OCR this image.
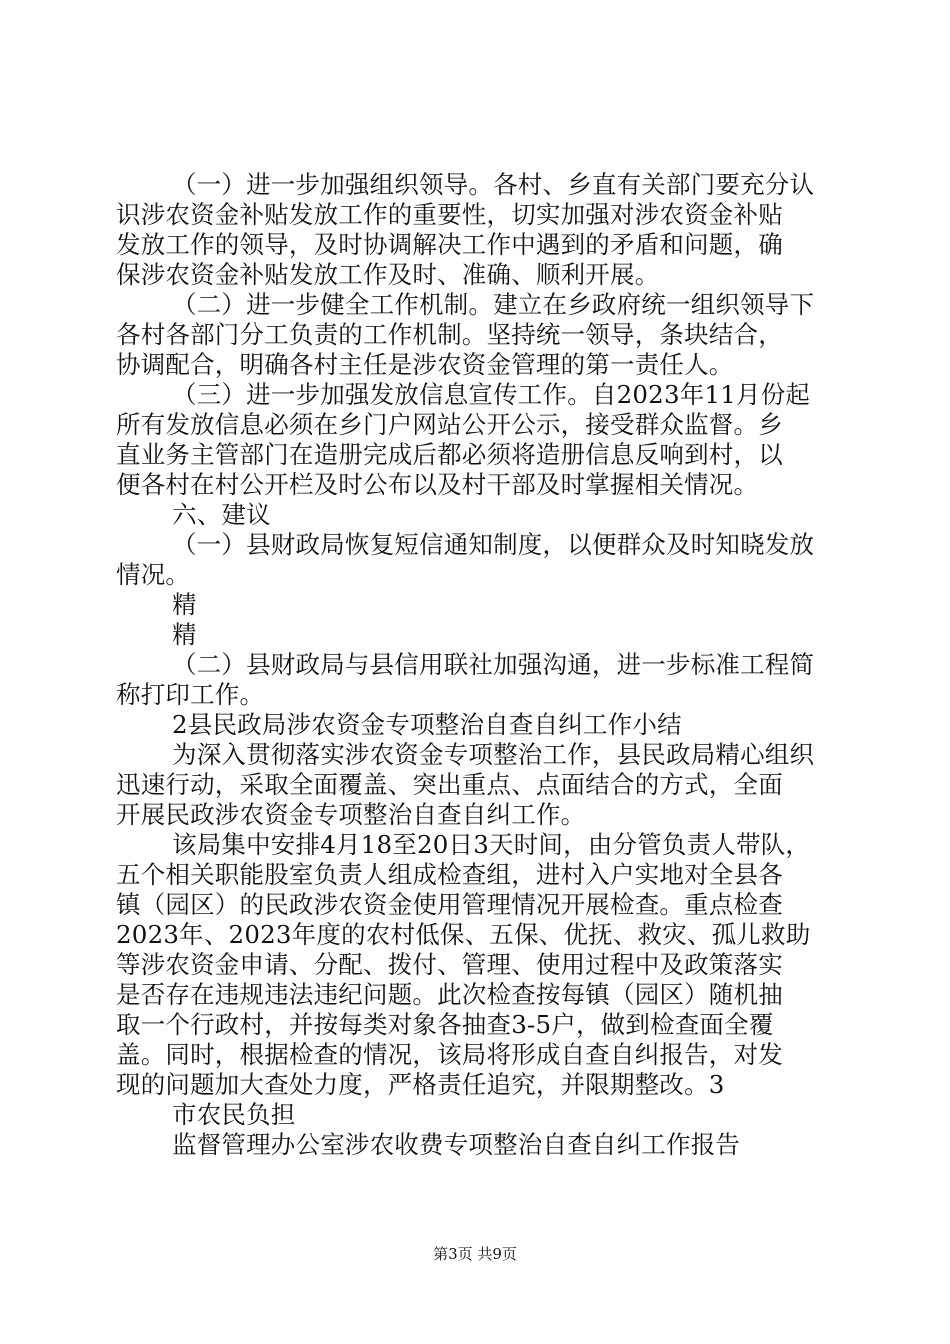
（一）进一步加强组织领导。各村、乡直有关部门要充分认
识涉农资金补贴发放工作的重要性，切实加强对涉农资金补贴
发放工作的领导，及时协调解决工作中遇到的矛盾和问题，确
保涉农资金补贴发放工作及时、准确、顺利开展。
（二）进一步健全工作机制。建立在乡政府统一组织领导下
各村各部门分工负责的工作机制。坚持统一领导，条块结合，
协调配合，明确各村主任是涉农资金管理的第一责任人。
（三）进一步加强发放信息宣传工作。自2023年11月份起
所有发放信息必须在乡门户网站公开公示，接受群众监督。乡
直业务主管部门在造册完成后都必须将造册信息反响到村，以
便各村在村公开栏及时公布以及村干部及时掌握相关情况。
六、建议
（一）县财政局恢复短信通知制度，以便群众及时知晓发放
情况。
精
精
（二）县财政局与县信用联社加强沟通，进一步标准工程简
称打印工作。
2县民政局涉农资金专项整治自查自纠工作小结
为深入贯彻落实涉农资金专项整治工作，县民政局精心组织
迅速行动，采取全面覆盖、突出重点、点面结合的方式，全面
开展民政涉农资金专项整治自查自纠工作。
该局集中安排4月18至20日3天时间，由分管负责人带队，
五个相关职能股室负责人组成检查组，进村入户实地对全县各
镇（园区）的民政涉农资金使用管理情况开展检查。重点检查
2023年、2023年度的农村低保、五保、优抚、救灾、孤儿救助
等涉农资金申请、分配、拨付、管理、使用过程中及政策落实
是否存在违规违法违纪问题。此次检查按每镇（园区）随机抽
取一个行政村，并按每类对象各抽查3-5户，做到检查面全覆
盖。同时，根据检查的情况，该局将形成自查自纠报告，对发
现的问题加大查处力度，严格责任追究，并限期整改。3
市农民负担
监督管理办公室涉农收费专项整治自查自纠工作报告
第3页 共9页
